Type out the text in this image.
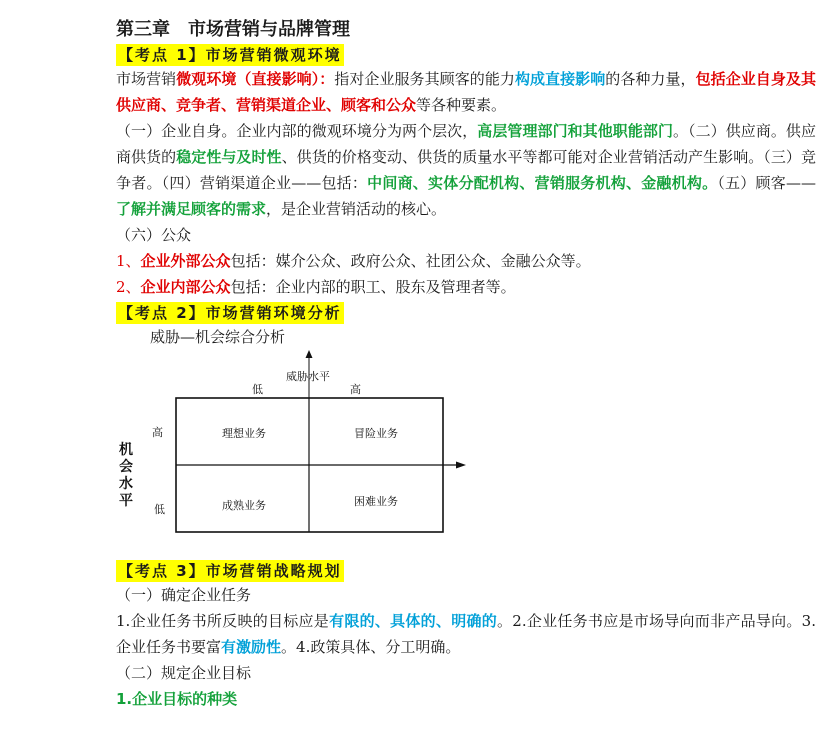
第三章　市场营销与品牌管理
【考点 1】市场营销微观环境

市场营销微观环境（直接影响）：指对企业服务其顾客的能力构成直接影响的各种力量，包括企业自身及其供应商、竞争者、营销渠道企业、顾客和公众等各种要素。

（一）企业自身。企业内部的微观环境分为两个层次，高层管理部门和其他职能部门。（二）供应商。供应商供货的稳定性与及时性、供货的价格变动、供货的质量水平等都可能对企业营销活动产生影响。（三）竞争者。（四）营销渠道企业——包括：中间商、实体分配机构、营销服务机构、金融机构。（五）顾客——了解并满足顾客的需求，是企业营销活动的核心。

（六）公众

1、企业外部公众包括：媒介公众、政府公众、社团公众、金融公众等。

2、企业内部公众包括：企业内部的职工、股东及管理者等。

【考点 2】市场营销环境分析

威胁—机会综合分析

威胁水平
低	高
高
低
机
会
水
平
理想业务	冒险业务
成熟业务	困难业务
【考点 3】市场营销战略规划

（一）确定企业任务

1.企业任务书所反映的目标应是有限的、具体的、明确的。2.企业任务书应是市场导向而非产品导向。3.企业任务书要富有激励性。4.政策具体、分工明确。

（二）规定企业目标

1.企业目标的种类
